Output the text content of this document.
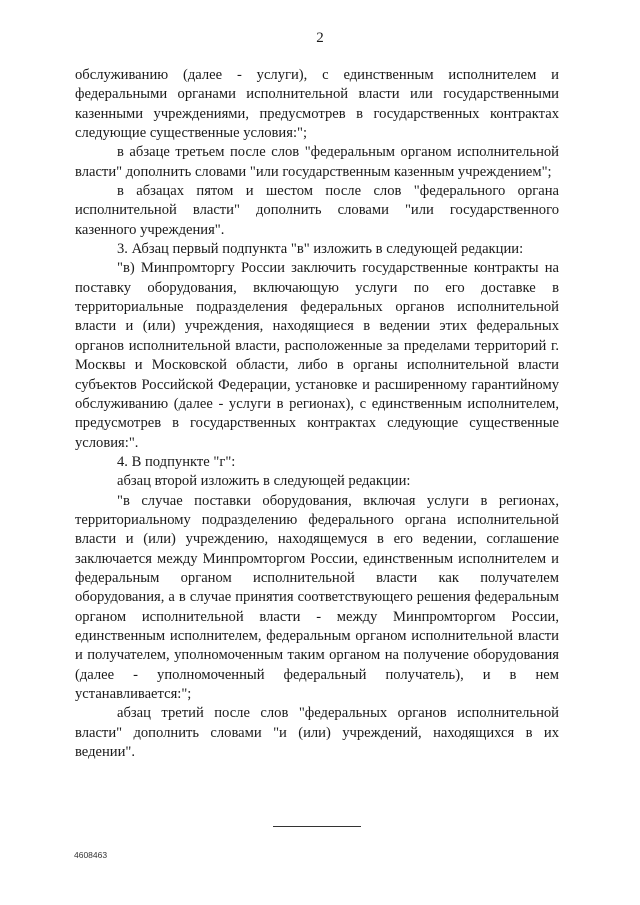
2

обслуживанию (далее - услуги), с единственным исполнителем и федеральными органами исполнительной власти или государственными казенными учреждениями, предусмотрев в государственных контрактах следующие существенные условия:";

в абзаце третьем после слов "федеральным органом исполнительной власти" дополнить словами "или государственным казенным учреждением";

в абзацах пятом и шестом после слов "федерального органа исполнительной власти" дополнить словами "или государственного казенного учреждения".

3. Абзац первый подпункта "в" изложить в следующей редакции:

"в) Минпромторгу России заключить государственные контракты на поставку оборудования, включающую услуги по его доставке в территориальные подразделения федеральных органов исполнительной власти и (или) учреждения, находящиеся в ведении этих федеральных органов исполнительной власти, расположенные за пределами территорий г. Москвы и Московской области, либо в органы исполнительной власти субъектов Российской Федерации, установке и расширенному гарантийному обслуживанию (далее - услуги в регионах), с единственным исполнителем, предусмотрев в государственных контрактах следующие существенные условия:".

4. В подпункте "г":

абзац второй изложить в следующей редакции:

"в случае поставки оборудования, включая услуги в регионах, территориальному подразделению федерального органа исполнительной власти и (или) учреждению, находящемуся в его ведении, соглашение заключается между Минпромторгом России, единственным исполнителем и федеральным органом исполнительной власти как получателем оборудования, а в случае принятия соответствующего решения федеральным органом исполнительной власти - между Минпромторгом России, единственным исполнителем, федеральным органом исполнительной власти и получателем, уполномоченным таким органом на получение оборудования (далее - уполномоченный федеральный получатель), и в нем устанавливается:";

абзац третий после слов "федеральных органов исполнительной власти" дополнить словами "и (или) учреждений, находящихся в их ведении".

4608463
